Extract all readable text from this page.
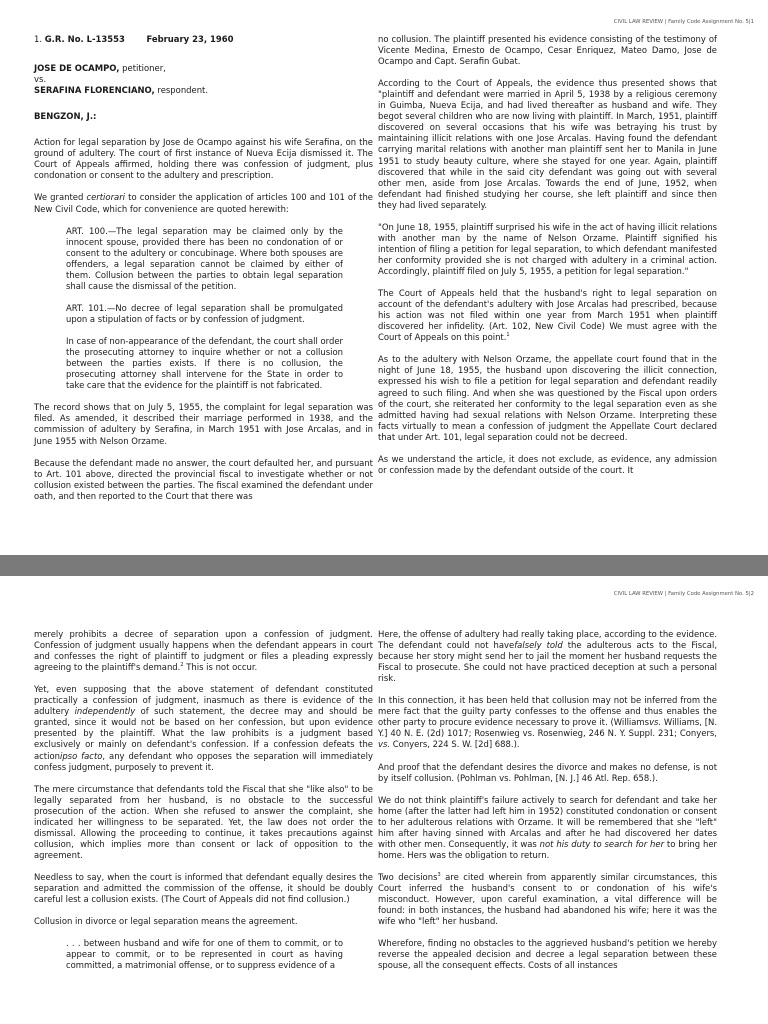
CIVIL LAW REVIEW | Family Code Assignment No. 5|1

1. G.R. No. L-13553	February 23, 1960

JOSE DE OCAMPO, petitioner,
vs.
SERAFINA FLORENCIANO, respondent.

BENGZON, J.:

Action for legal separation by Jose de Ocampo against his wife Serafina, on the ground of adultery. The court of first instance of Nueva Ecija dismissed it. The Court of Appeals affirmed, holding there was confession of judgment, plus condonation or consent to the adultery and prescription.

We granted certiorari to consider the application of articles 100 and 101 of the New Civil Code, which for convenience are quoted herewith:

ART. 100.—The legal separation may be claimed only by the innocent spouse, provided there has been no condonation of or consent to the adultery or concubinage. Where both spouses are offenders, a legal separation cannot be claimed by either of them. Collusion between the parties to obtain legal separation shall cause the dismissal of the petition.

ART. 101.—No decree of legal separation shall be promulgated upon a stipulation of facts or by confession of judgment.

In case of non-appearance of the defendant, the court shall order the prosecuting attorney to inquire whether or not a collusion between the parties exists. If there is no collusion, the prosecuting attorney shall intervene for the State in order to take care that the evidence for the plaintiff is not fabricated.

The record shows that on July 5, 1955, the complaint for legal separation was filed. As amended, it described their marriage performed in 1938, and the commission of adultery by Serafina, in March 1951 with Jose Arcalas, and in June 1955 with Nelson Orzame.

Because the defendant made no answer, the court defaulted her, and pursuant to Art. 101 above, directed the provincial fiscal to investigate whether or not collusion existed between the parties. The fiscal examined the defendant under oath, and then reported to the Court that there was

no collusion. The plaintiff presented his evidence consisting of the testimony of Vicente Medina, Ernesto de Ocampo, Cesar Enriquez, Mateo Damo, Jose de Ocampo and Capt. Serafin Gubat.

According to the Court of Appeals, the evidence thus presented shows that "plaintiff and defendant were married in April 5, 1938 by a religious ceremony in Guimba, Nueva Ecija, and had lived thereafter as husband and wife. They begot several children who are now living with plaintiff. In March, 1951, plaintiff discovered on several occasions that his wife was betraying his trust by maintaining illicit relations with one Jose Arcalas. Having found the defendant carrying marital relations with another man plaintiff sent her to Manila in June 1951 to study beauty culture, where she stayed for one year. Again, plaintiff discovered that while in the said city defendant was going out with several other men, aside from Jose Arcalas. Towards the end of June, 1952, when defendant had finished studying her course, she left plaintiff and since then they had lived separately.

"On June 18, 1955, plaintiff surprised his wife in the act of having illicit relations with another man by the name of Nelson Orzame. Plaintiff signified his intention of filing a petition for legal separation, to which defendant manifested her conformity provided she is not charged with adultery in a criminal action. Accordingly, plaintiff filed on July 5, 1955, a petition for legal separation."

The Court of Appeals held that the husband's right to legal separation on account of the defendant's adultery with Jose Arcalas had prescribed, because his action was not filed within one year from March 1951 when plaintiff discovered her infidelity. (Art. 102, New Civil Code) We must agree with the Court of Appeals on this point.$^1$

As to the adultery with Nelson Orzame, the appellate court found that in the night of June 18, 1955, the husband upon discovering the illicit connection, expressed his wish to file a petition for legal separation and defendant readily agreed to such filing. And when she was questioned by the Fiscal upon orders of the court, she reiterated her conformity to the legal separation even as she admitted having had sexual relations with Nelson Orzame. Interpreting these facts virtually to mean a confession of judgment the Appellate Court declared that under Art. 101, legal separation could not be decreed.

As we understand the article, it does not exclude, as evidence, any admission or confession made by the defendant outside of the court. It

CIVIL LAW REVIEW | Family Code Assignment No. 5|2

merely prohibits a decree of separation upon a confession of judgment. Confession of judgment usually happens when the defendant appears in court and confesses the right of plaintiff to judgment or files a pleading expressly agreeing to the plaintiff's demand.$^2$ This is not occur.

Yet, even supposing that the above statement of defendant constituted practically a confession of judgment, inasmuch as there is evidence of the adultery independently of such statement, the decree may and should be granted, since it would not be based on her confession, but upon evidence presented by the plaintiff. What the law prohibits is a judgment based exclusively or mainly on defendant's confession. If a confession defeats the actionipso facto, any defendant who opposes the separation will immediately confess judgment, purposely to prevent it.

The mere circumstance that defendants told the Fiscal that she "like also" to be legally separated from her husband, is no obstacle to the successful prosecution of the action. When she refused to answer the complaint, she indicated her willingness to be separated. Yet, the law does not order the dismissal. Allowing the proceeding to continue, it takes precautions against collusion, which implies more than consent or lack of opposition to the agreement.

Needless to say, when the court is informed that defendant equally desires the separation and admitted the commission of the offense, it should be doubly careful lest a collusion exists. (The Court of Appeals did not find collusion.)

Collusion in divorce or legal separation means the agreement.

. . . between husband and wife for one of them to commit, or to appear to commit, or to be represented in court as having committed, a matrimonial offense, or to suppress evidence of a

Here, the offense of adultery had really taking place, according to the evidence. The defendant could not havefalsely told the adulterous acts to the Fiscal, because her story might send her to jail the moment her husband requests the Fiscal to prosecute. She could not have practiced deception at such a personal risk.

In this connection, it has been held that collusion may not be inferred from the mere fact that the guilty party confesses to the offense and thus enables the other party to procure evidence necessary to prove it. (Williamsvs. Williams, [N. Y.] 40 N. E. (2d) 1017; Rosenwieg vs. Rosenwieg, 246 N. Y. Suppl. 231; Conyers, vs. Conyers, 224 S. W. [2d] 688.).

And proof that the defendant desires the divorce and makes no defense, is not by itself collusion. (Pohlman vs. Pohlman, [N. J.] 46 Atl. Rep. 658.).

We do not think plaintiff's failure actively to search for defendant and take her home (after the latter had left him in 1952) constituted condonation or consent to her adulterous relations with Orzame. It will be remembered that she "left" him after having sinned with Arcalas and after he had discovered her dates with other men. Consequently, it was not his duty to search for her to bring her home. Hers was the obligation to return.

Two decisions$^3$ are cited wherein from apparently similar circumstances, this Court inferred the husband's consent to or condonation of his wife's misconduct. However, upon careful examination, a vital difference will be found: in both instances, the husband had abandoned his wife; here it was the wife who "left" her husband.

Wherefore, finding no obstacles to the aggrieved husband's petition we hereby reverse the appealed decision and decree a legal separation between these spouse, all the consequent effects. Costs of all instances
